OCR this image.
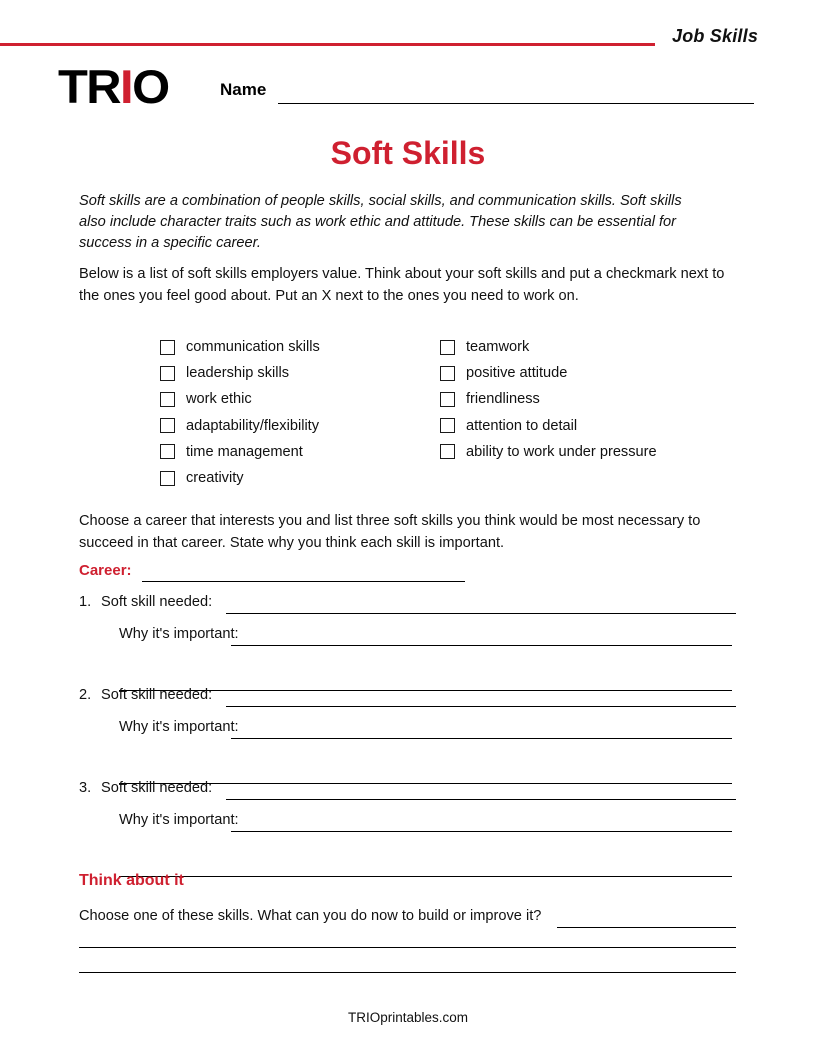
Job Skills
TRIO	Name
Soft Skills
Soft skills are a combination of people skills, social skills, and communication skills. Soft skills also include character traits such as work ethic and attitude. These skills can be essential for success in a specific career.
Below is a list of soft skills employers value. Think about your soft skills and put a checkmark next to the ones you feel good about. Put an X next to the ones you need to work on.
communication skills
leadership skills
work ethic
adaptability/flexibility
time management
creativity
teamwork
positive attitude
friendliness
attention to detail
ability to work under pressure
Choose a career that interests you and list three soft skills you think would be most necessary to succeed in that career. State why you think each skill is important.
Career:
1. Soft skill needed:
Why it's important:
2. Soft skill needed:
Why it's important:
3. Soft skill needed:
Why it's important:
Think about it
Choose one of these skills. What can you do now to build or improve it?
TRIOprintables.com
